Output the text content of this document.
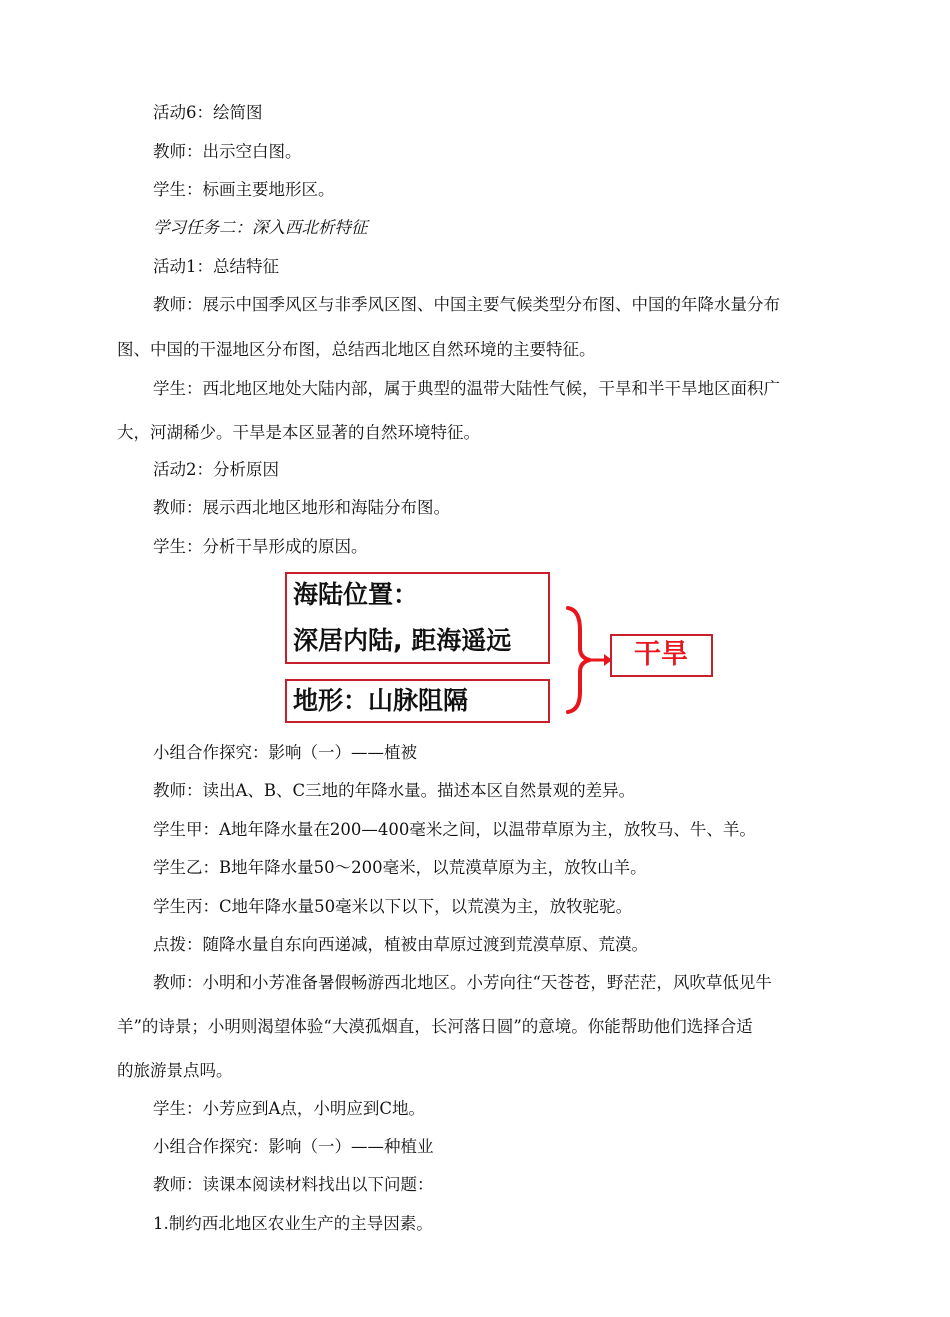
活动6：绘简图

教师：出示空白图。

学生：标画主要地形区。

学习任务二：深入西北析特征

活动1：总结特征

教师：展示中国季风区与非季风区图、中国主要气候类型分布图、中国的年降水量分布

图、中国的干湿地区分布图，总结西北地区自然环境的主要特征。

学生：西北地区地处大陆内部，属于典型的温带大陆性气候，干旱和半干旱地区面积广

大，河湖稀少。干旱是本区显著的自然环境特征。

活动2：分析原因

教师：展示西北地区地形和海陆分布图。

学生：分析干旱形成的原因。

海陆位置：
深居内陆, 距海遥远
地形：山脉阻隔
干旱

小组合作探究：影响（一）——植被

教师：读出A、B、C三地的年降水量。描述本区自然景观的差异。

学生甲：A地年降水量在200—400毫米之间，以温带草原为主，放牧马、牛、羊。

学生乙：B地年降水量50～200毫米，以荒漠草原为主，放牧山羊。

学生丙：C地年降水量50毫米以下以下，以荒漠为主，放牧驼驼。

点拨：随降水量自东向西递减，植被由草原过渡到荒漠草原、荒漠。

教师：小明和小芳准备暑假畅游西北地区。小芳向往“天苍苍，野茫茫，风吹草低见牛

羊”的诗景；小明则渴望体验“大漠孤烟直，长河落日圆”的意境。你能帮助他们选择合适

的旅游景点吗。

学生：小芳应到A点，小明应到C地。

小组合作探究：影响（一）——种植业

教师：读课本阅读材料找出以下问题：

1.制约西北地区农业生产的主导因素。
